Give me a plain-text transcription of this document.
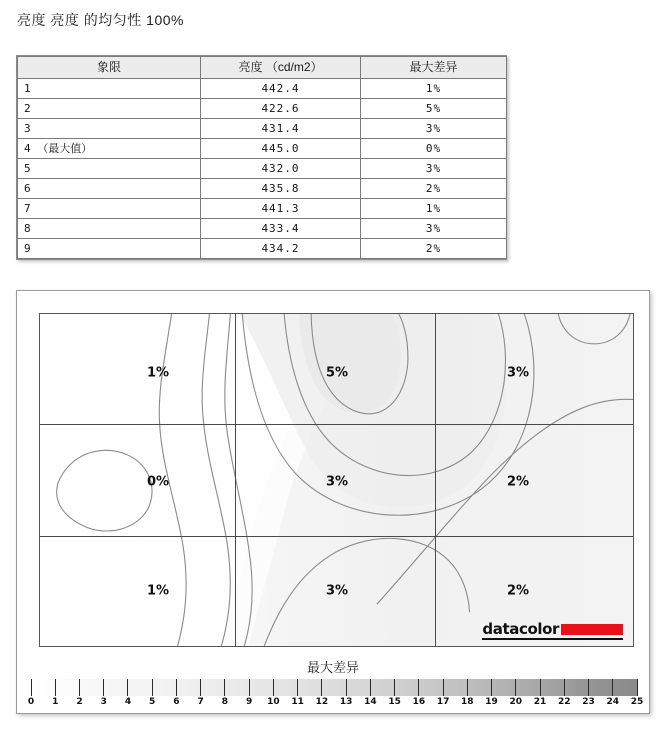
亮度 亮度 的均匀性 100%
象限	亮度 （cd/m2）	最大差异
1	442.4	1%
2	422.6	5%
3	431.4	3%
4 （最大值）	445.0	0%
5	432.0	3%
6	435.8	2%
7	441.3	1%
8	433.4	3%
9	434.2	2%
1%	5%	3%
0%	3%	2%
1%	3%	2%
datacolor
最大差异
0 1 2 3 4 5 6 7 8 9 10 11 12 13 14 15 16 17 18 19 20 21 22 23 24 25
